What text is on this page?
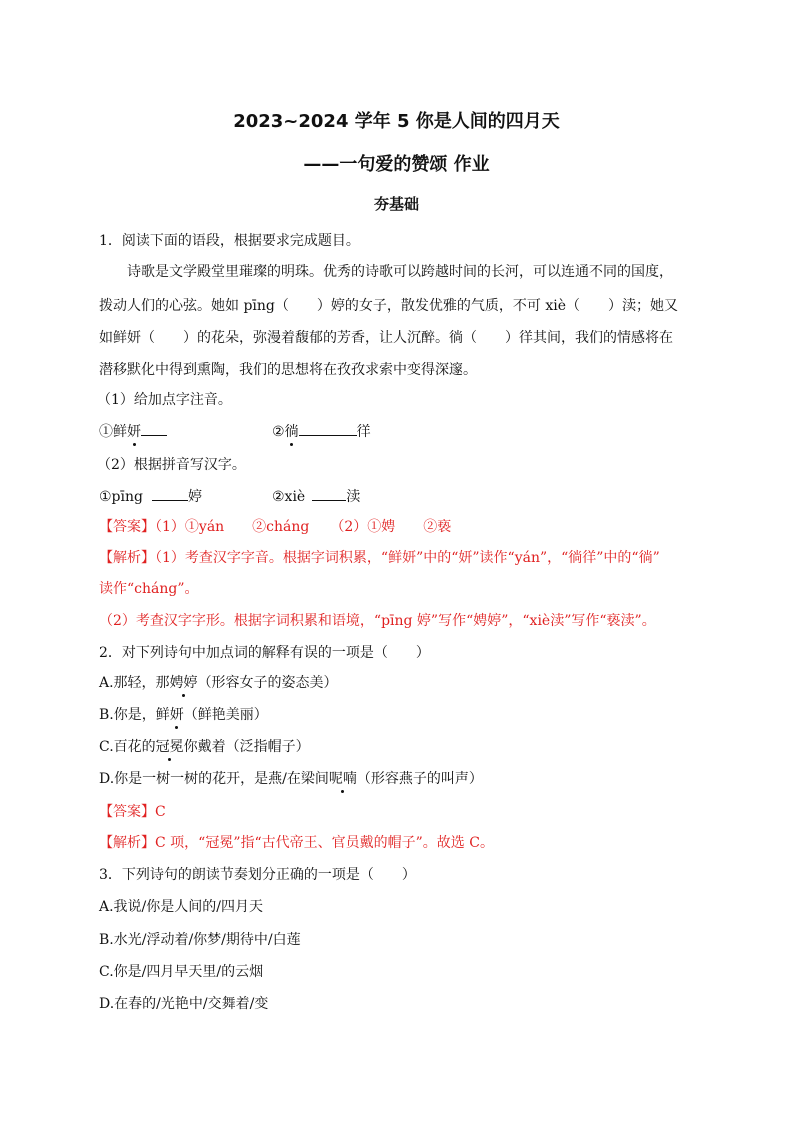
2023~2024 学年 5 你是人间的四月天
——一句爱的赞颂 作业
夯基础
1．阅读下面的语段，根据要求完成题目。
诗歌是文学殿堂里璀璨的明珠。优秀的诗歌可以跨越时间的长河，可以连通不同的国度，
拨动人们的心弦。她如 pīng（　　）婷的女子，散发优雅的气质，不可 xiè（　　）渎；她又
如鲜妍（　　）的花朵，弥漫着馥郁的芳香，让人沉醉。徜（　　）徉其间，我们的情感将在
潜移默化中得到熏陶，我们的思想将在孜孜求索中变得深邃。
（1）给加点字注音。
①鲜妍	②徜	徉
（2）根据拼音写汉字。
①pīng	婷	②xiè	渎
【答案】（1）①yán　　②cháng　　（2）①娉　　②亵
【解析】（1）考查汉字字音。根据字词积累，“鲜妍”中的“妍”读作“yán”，“徜徉”中的“徜”
读作“cháng”。
（2）考查汉字字形。根据字词积累和语境，“pīng 婷”写作“娉婷”，“xiè渎”写作“亵渎”。
2．对下列诗句中加点词的解释有误的一项是（　　）
A.那轻，那娉婷（形容女子的姿态美）
B.你是，鲜妍（鲜艳美丽）
C.百花的冠冕你戴着（泛指帽子）
D.你是一树一树的花开，是燕/在梁间呢喃（形容燕子的叫声）
【答案】C
【解析】C 项，“冠冕”指“古代帝王、官员戴的帽子”。故选 C。
3．下列诗句的朗读节奏划分正确的一项是（　　）
A.我说/你是人间的/四月天
B.水光/浮动着/你梦/期待中/白莲
C.你是/四月早天里/的云烟
D.在春的/光艳中/交舞着/变
